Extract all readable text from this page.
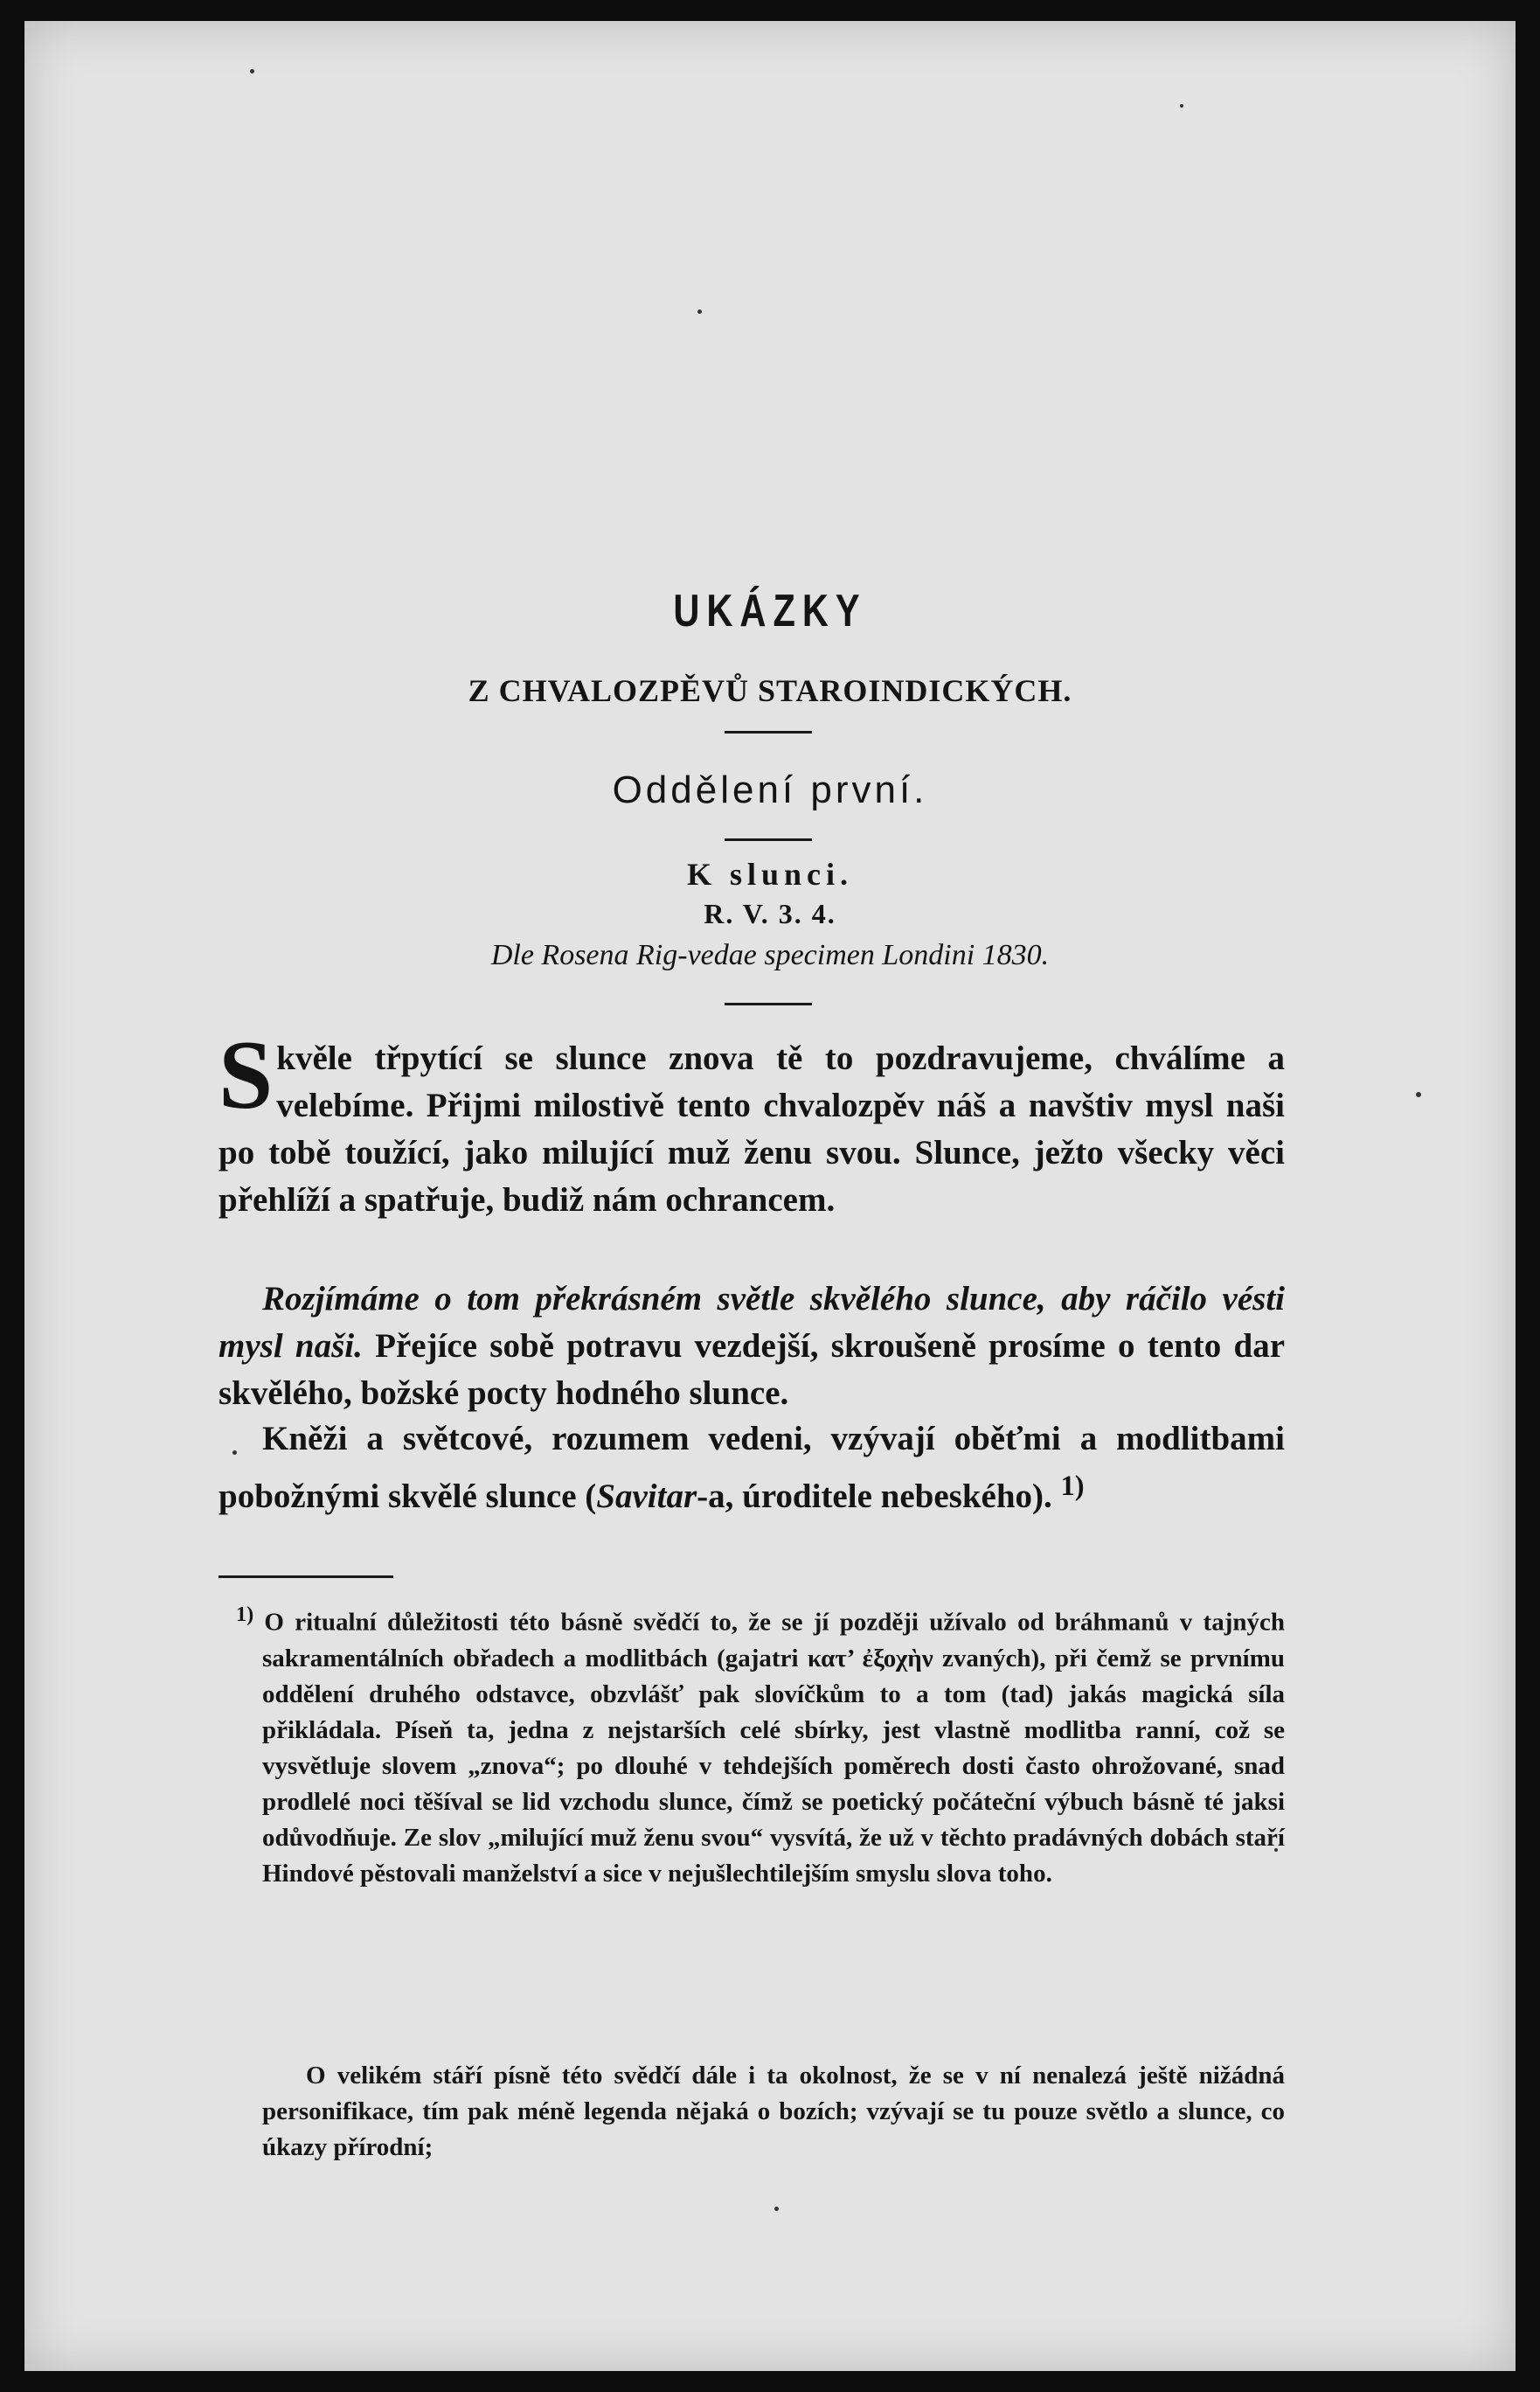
UKÁZKY
Z CHVALOZPĚVŮ STAROINDICKÝCH.
Oddělení první.
K slunci.
R. V. 3. 4.
Dle Rosena Rig-vedae specimen Londini 1830.

Skvěle třpytící se slunce znova tě to pozdravujeme, chválíme a velebíme. Přijmi milostivě tento chvalozpěv náš a navštiv mysl naši po tobě toužící, jako milující muž ženu svou. Slunce, ježto všecky věci přehlíží a spatřuje, budiž nám ochrancem.

Rozjímáme o tom překrásném světle skvělého slunce, aby ráčilo vésti mysl naši. Přejíce sobě potravu vezdejší, skroušeně prosíme o tento dar skvělého, božské pocty hodného slunce.

Kněži a světcové, rozumem vedeni, vzývají oběťmi a modlitbami pobožnými skvělé slunce (Savitar-a, úroditele nebeského). $^{1)}$

$^{1)}$ O ritualní důležitosti této básně svědčí to, že se jí později užívalo od bráhmanů v tajných sakramentálních obřadech a modlitbách (gajatri κατ’ ἐξοχὴν zvaných), při čemž se prvnímu oddělení druhého odstavce, obzvlášť pak slovíčkům to a tom (tad) jakás magická síla přikládala. Píseň ta, jedna z nejstarších celé sbírky, jest vlastně modlitba ranní, což se vysvětluje slovem „znova“; po dlouhé v tehdejších poměrech dosti často ohrožované, snad prodlelé noci těšíval se lid vzchodu slunce, čímž se poetický počáteční výbuch básně té jaksi odůvodňuje. Ze slov „milující muž ženu svou“ vysvítá, že už v těchto pradávných dobách staří Hindové pěstovali manželství a sice v nejušlechtilejším smyslu slova toho.

O velikém stáří písně této svědčí dále i ta okolnost, že se v ní nenalezá ještě nižádná personifikace, tím pak méně legenda nějaká o bozích; vzývají se tu pouze světlo a slunce, co úkazy přírodní;
